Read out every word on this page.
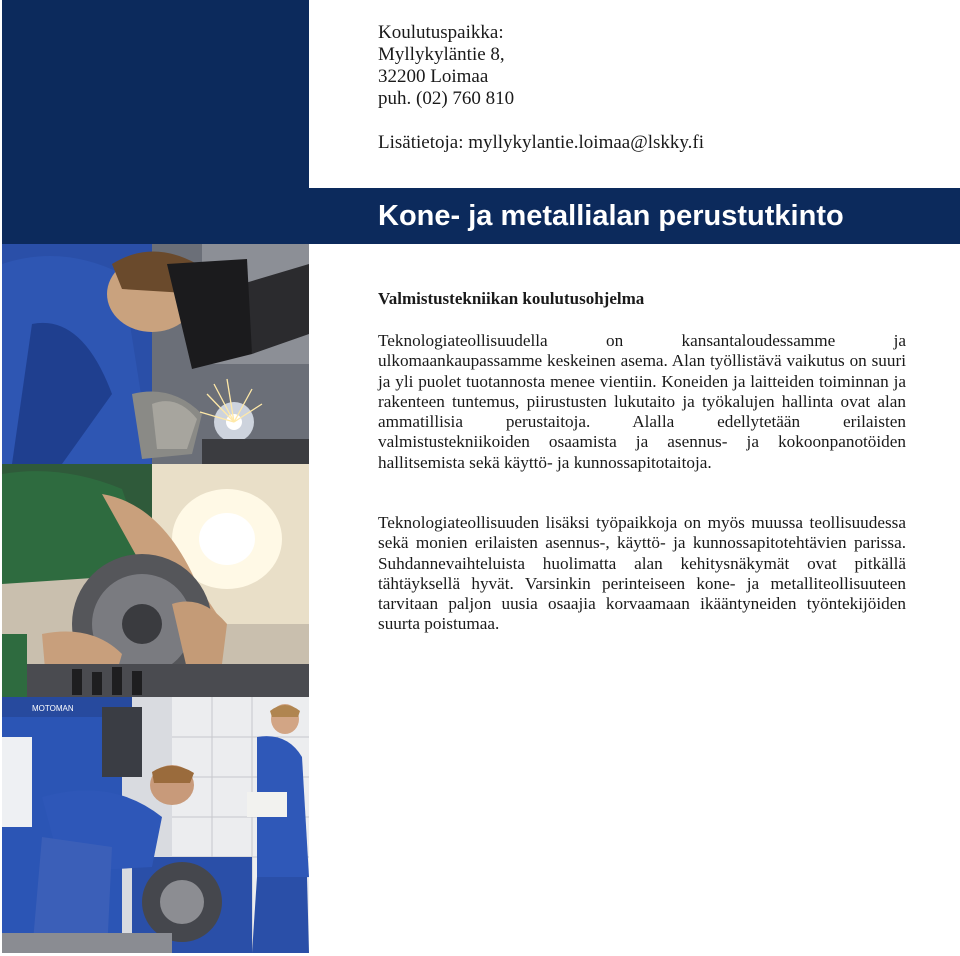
Kone- ja metallialan perustutkinto
Koulutuspaikka:
Myllykyläntie 8,
32200 Loimaa
puh. (02) 760 810
Lisätietoja: myllykylantie.loimaa@lskky.fi
MOTOMAN
Valmistustekniikan koulutusohjelma

Teknologiateollisuudella on kansantaloudessamme ja ulkomaankaupassamme keskeinen asema. Alan työllistävä vaikutus on suuri ja yli puolet tuotannosta menee vientiin. Koneiden ja laitteiden toiminnan ja rakenteen tuntemus, piirustusten lukutaito ja työkalujen hallinta ovat alan ammatillisia perustaitoja. Alalla edellytetään erilaisten valmistustekniikoiden osaamista ja asennus- ja kokoonpanotöiden hallitsemista sekä käyttö- ja kunnossapitotaitoja.

Teknologiateollisuuden lisäksi työpaikkoja on myös muussa teollisuudessa sekä monien erilaisten asennus-, käyttö- ja kunnossapitotehtävien parissa. Suhdannevaihteluista huolimatta alan kehitysnäkymät ovat pitkällä tähtäyksellä hyvät. Varsinkin perinteiseen kone- ja metalliteollisuuteen tarvitaan paljon uusia osaajia korvaamaan ikääntyneiden työntekijöiden suurta poistumaa.
